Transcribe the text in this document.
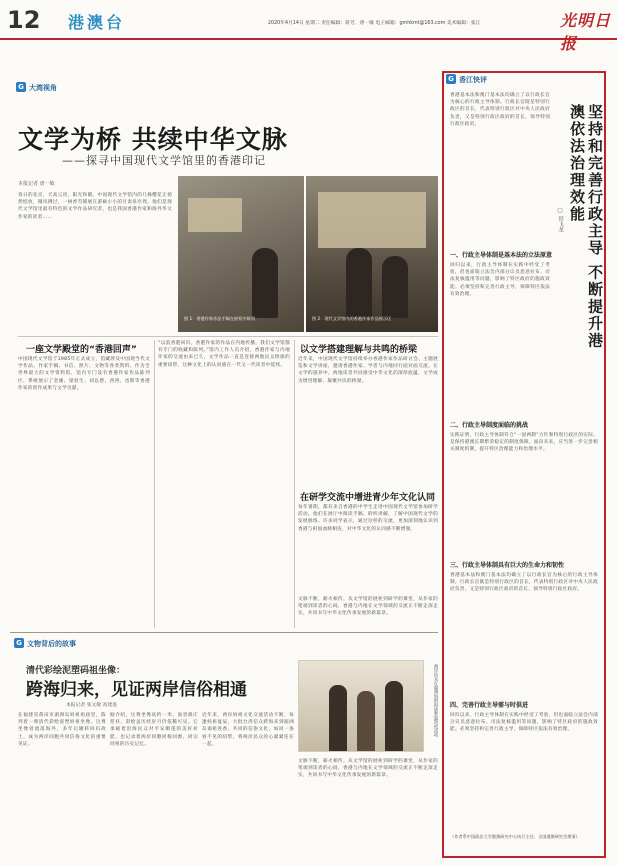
12 港澳台	2020年4月14日 星期二 责任编辑：蒋芳、唐一敏 电子邮箱：gmhkmt@163.com 美术编辑：张江	光明日报
G 大湾视角
文学为桥 共续中华文脉
——探寻中国现代文学馆里的香港印记
本报记者 唐一敏
春日的北京，天高云淡，阳光和暖。中国现代文学馆内的几株樱花正悄然绽放，微风拂过，一树香雪铺展在游廊小小的甘肃泉亭周。他们是现代文学馆里最有特色的文学作品研究者，也是我国香港作家和海外华文作家的读者……
图 1：香港作家作品手稿在展柜中陈列	图 2：现代文学馆内的香港作家作品展示区
一座文学殿堂的“香港回声”
中国现代文学馆于1985年正式成立，馆藏涉及中国现当代文学作品、作家手稿、书信、照片、文物等各类资料。作为全世界最大的文学资料馆，馆内专门设有香港作家作品陈列区，系统展示了金庸、梁羽生、刘以鬯、西西、也斯等香港作家的创作成果与文学贡献。
“以前香港回归，香港作家的作品在内地传播，我们文学馆都有专门的收藏和陈列。”馆内工作人员介绍，香港作家与内地作家的交流由来已久，文学作品一直是连接两地民众情感的重要纽带，这种文化上的认同感在一代又一代读者中延续。
以文学搭建理解与共鸣的桥梁
近年来，中国现代文学馆持续举办香港作家作品研讨会、主题展览和文学讲座，邀请香港作家、学者与内地同行面对面交流。在文学的滋养中，两地读者共同感受中华文化的深厚底蕴，文学成为增进理解、凝聚共识的桥梁。
在研学交流中增进青少年文化认同
每年暑期，都有来自香港的中学生走进中国现代文学馆参加研学活动。他们在展厅中阅读手稿、聆听讲解，了解中国现代文学的发展脉络。许多同学表示，通过这样的交流，更加深刻地认识到香港与祖国血脉相连，对中华文化的认同感不断增强。
文脉不断，薪火相传。从文学馆的展柜到研学的课堂，从作家的笔端到读者的心间，香港与内地在文学领域的交流正不断走深走实，共同书写中华文化传承发展的新篇章。
G 文物背后的故事
清代彩绘泥塑码祖坐像：
跨海归来，见证两岸信俗相通
本报记者 张文敏 高建进
在福建省莆田市湄洲岛妈祖祖庙里，陈列着一尊清代彩绘泥塑妈祖坐像。这尊坐像曾流落海外，多年后辗转回归故土，成为两岸同胞共同信俗文化的重要见证。
据介绍，这尊坐像高约一米，面容端庄慈祥，彩绘虽历经岁月仍依稀可见。它承载着沿海民众对平安顺遂的美好祈愿，也记录着两岸同胞同根同源、同宗同祖的历史记忆。
近年来，两岸妈祖文化交流活动不断，每逢妈祖诞辰，大批台湾信众跨海来到湄洲岛谒祖进香。共同的信俗文化，如同一条看不见的纽带，将两岸民众的心紧紧连在一起。
两岸信众在湄洲妈祖祖庙参加祭祀活动
文脉不断，薪火相传。从文学馆的展柜到研学的课堂，从作家的笔端到读者的心间，香港与内地在文学领域的交流正不断走深走实，共同书写中华文化传承发展的新篇章。
G 香江快评
坚持和完善行政主导 不断提升港澳依法治理效能
□ 田飞龙
香港基本法和澳门基本法均确立了以行政长官为核心的行政主导体制。行政长官既是特别行政区的首长，代表特别行政区对中央人民政府负责，又是特别行政区政府的首长，领导特别行政区政府。
一、行政主导体制是基本法的立法原意
回归以来，行政主导体制在实践中经受了考验，但也面临立法会内部分议员恶意拉布、司法复核滥用等问题，影响了特区政府的施政效能。必须坚持和完善行政主导，保障特区依法有效治理。
二、行政主导制度面临的挑战
实践证明，行政主导体制符合“一国两制”方针和特别行政区的实际，是保持港澳长期繁荣稳定的制度保障。面向未来，应当进一步完善相关制度机制，提升特区治理能力和治理水平。
三、行政主导体制具有巨大的生命力和韧性
香港基本法和澳门基本法均确立了以行政长官为核心的行政主导体制。行政长官既是特别行政区的首长，代表特别行政区对中央人民政府负责，又是特别行政区政府的首长，领导特别行政区政府。
四、完善行政主导需与时俱进
回归以来，行政主导体制在实践中经受了考验，但也面临立法会内部分议员恶意拉布、司法复核滥用等问题，影响了特区政府的施政效能。必须坚持和完善行政主导，保障特区依法有效治理。
（作者系中国政法大学港澳研究中心执行主任、全国港澳研究会理事）
